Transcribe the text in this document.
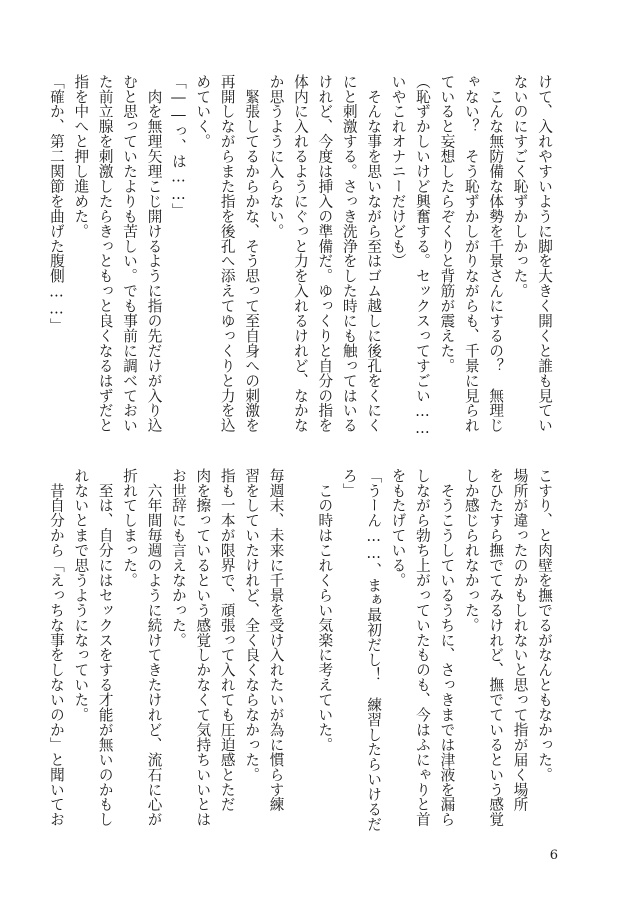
けて、入れやすいように脚を大きく開くと誰も見てい

ないのにすごく恥ずかしかった。

　こんな無防備な体勢を千景さんにするの？　無理じ

ゃない？　そう恥ずかしがりながらも、千景に見られ

ていると妄想したらぞくりと背筋が震えた。

（恥ずかしいけど興奮する。セックスってすごい……

いやこれオナニーだけども）

　そんな事を思いながら至はゴム越しに後孔をくにく

にと刺激する。さっき洗浄をした時にも触ってはいる

けれど、今度は挿入の準備だ。ゆっくりと自分の指を

体内に入れるようにぐっと力を入れるけれど、なかな

か思うように入らない。

　緊張してるからかな、そう思って至自身への刺激を

再開しながらまた指を後孔へ添えてゆっくりと力を込

めていく。

「――っ、は……」

　肉を無理矢理こじ開けるように指の先だけが入り込

むと思っていたよりも苦しい。でも事前に調べておい

た前立腺を刺激したらきっともっと良くなるはずだと

指を中へと押し進めた。

「確か、第二関節を曲げた腹側……」

こすり、と肉壁を撫でるがなんともなかった。

場所が違ったのかもしれないと思って指が届く場所

をひたすら撫でてみるけれど、撫でているという感覚

しか感じられなかった。

　そうこうしているうちに、さっきまでは津液を漏ら

しながら勃ち上がっていたものも、今はふにゃりと首

をもたげている。

「うーん……、まぁ最初だし！　練習したらいけるだ

ろ」

　この時はこれくらい気楽に考えていた。

毎週末、未来に千景を受け入れたいが為に慣らす練

習をしていたけれど、全く良くならなかった。

指も一本が限界で、頑張って入れても圧迫感とただ

肉を擦っているという感覚しかなくて気持ちいいとは

お世辞にも言えなかった。

　六年間毎週のように続けてきたけれど、流石に心が

折れてしまった。

　至は、自分にはセックスをする才能が無いのかもし

れないとまで思うようになっていた。

　昔自分から「えっちな事をしないのか」と聞いてお

6
